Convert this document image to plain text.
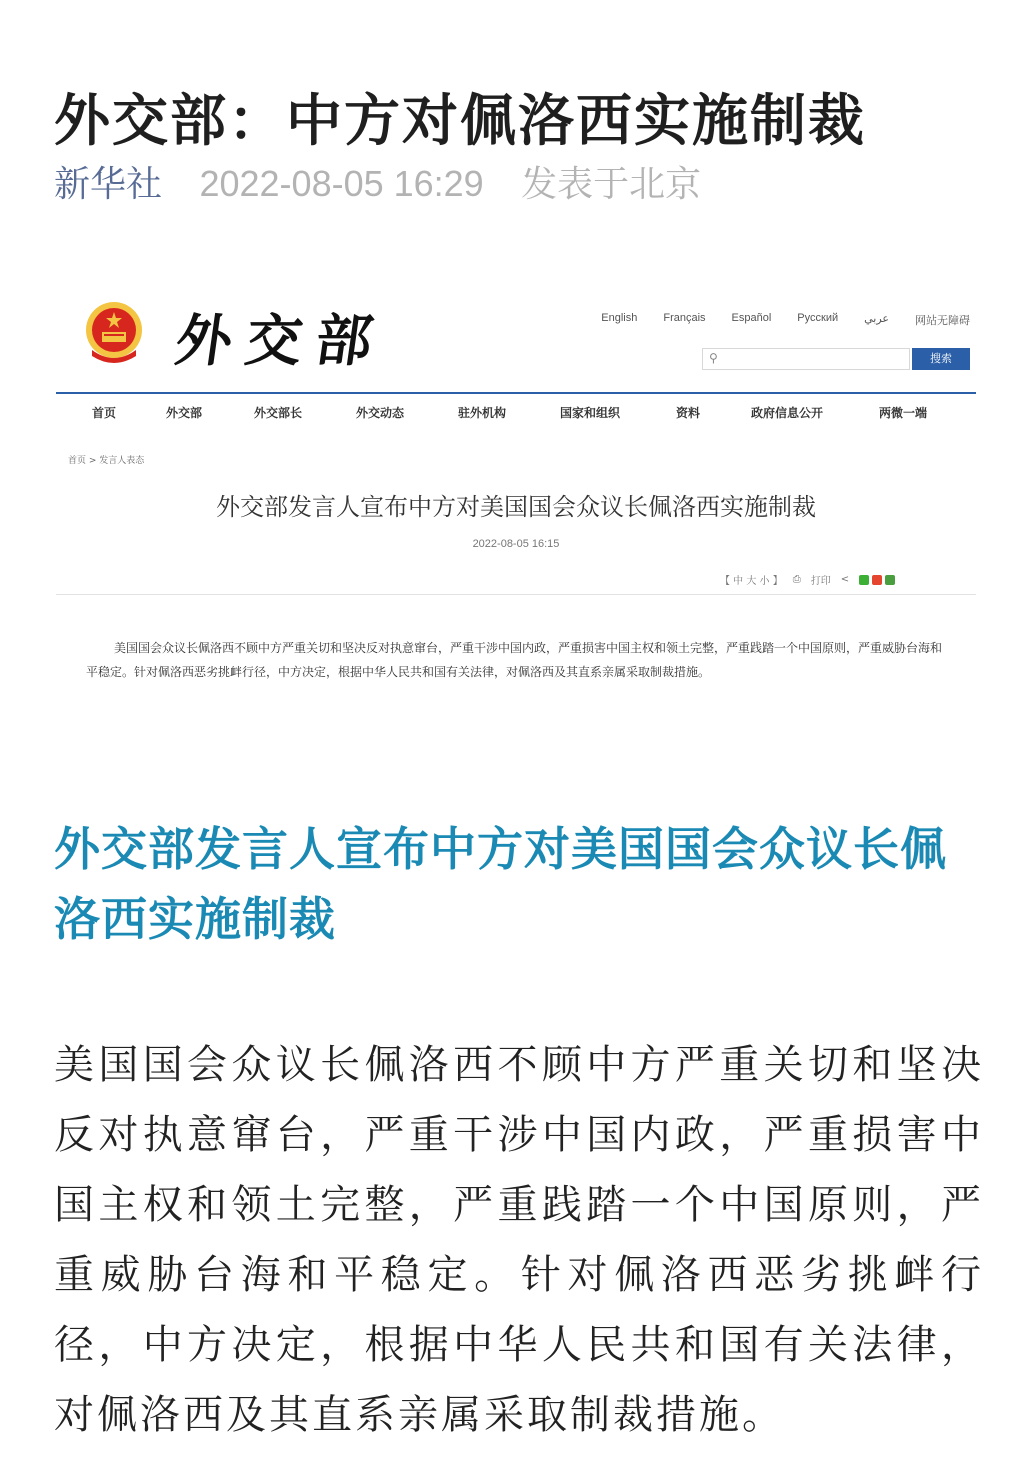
外交部：中方对佩洛西实施制裁
新华社 2022-08-05 16:29 发表于北京
外交部	English Français Español Русский عربي 网站无障碍
⚲	搜索
首页	外交部	外交部长	外交动态	驻外机构	国家和组织	资料	政府信息公开	两微一端
首页 > 发言人表态
外交部发言人宣布中方对美国国会众议长佩洛西实施制裁
2022-08-05 16:15
【 中 大 小 】 ⎙ 打印 <
美国国会众议长佩洛西不顾中方严重关切和坚决反对执意窜台，严重干涉中国内政，严重损害中国主权和领土完整，严重践踏一个中国原则，严重威胁台海和平稳定。针对佩洛西恶劣挑衅行径，中方决定，根据中华人民共和国有关法律，对佩洛西及其直系亲属采取制裁措施。
外交部发言人宣布中方对美国国会众议长佩洛西实施制裁

美国国会众议长佩洛西不顾中方严重关切和坚决反对执意窜台，严重干涉中国内政，严重损害中国主权和领土完整，严重践踏一个中国原则，严重威胁台海和平稳定。针对佩洛西恶劣挑衅行径，中方决定，根据中华人民共和国有关法律，对佩洛西及其直系亲属采取制裁措施。
